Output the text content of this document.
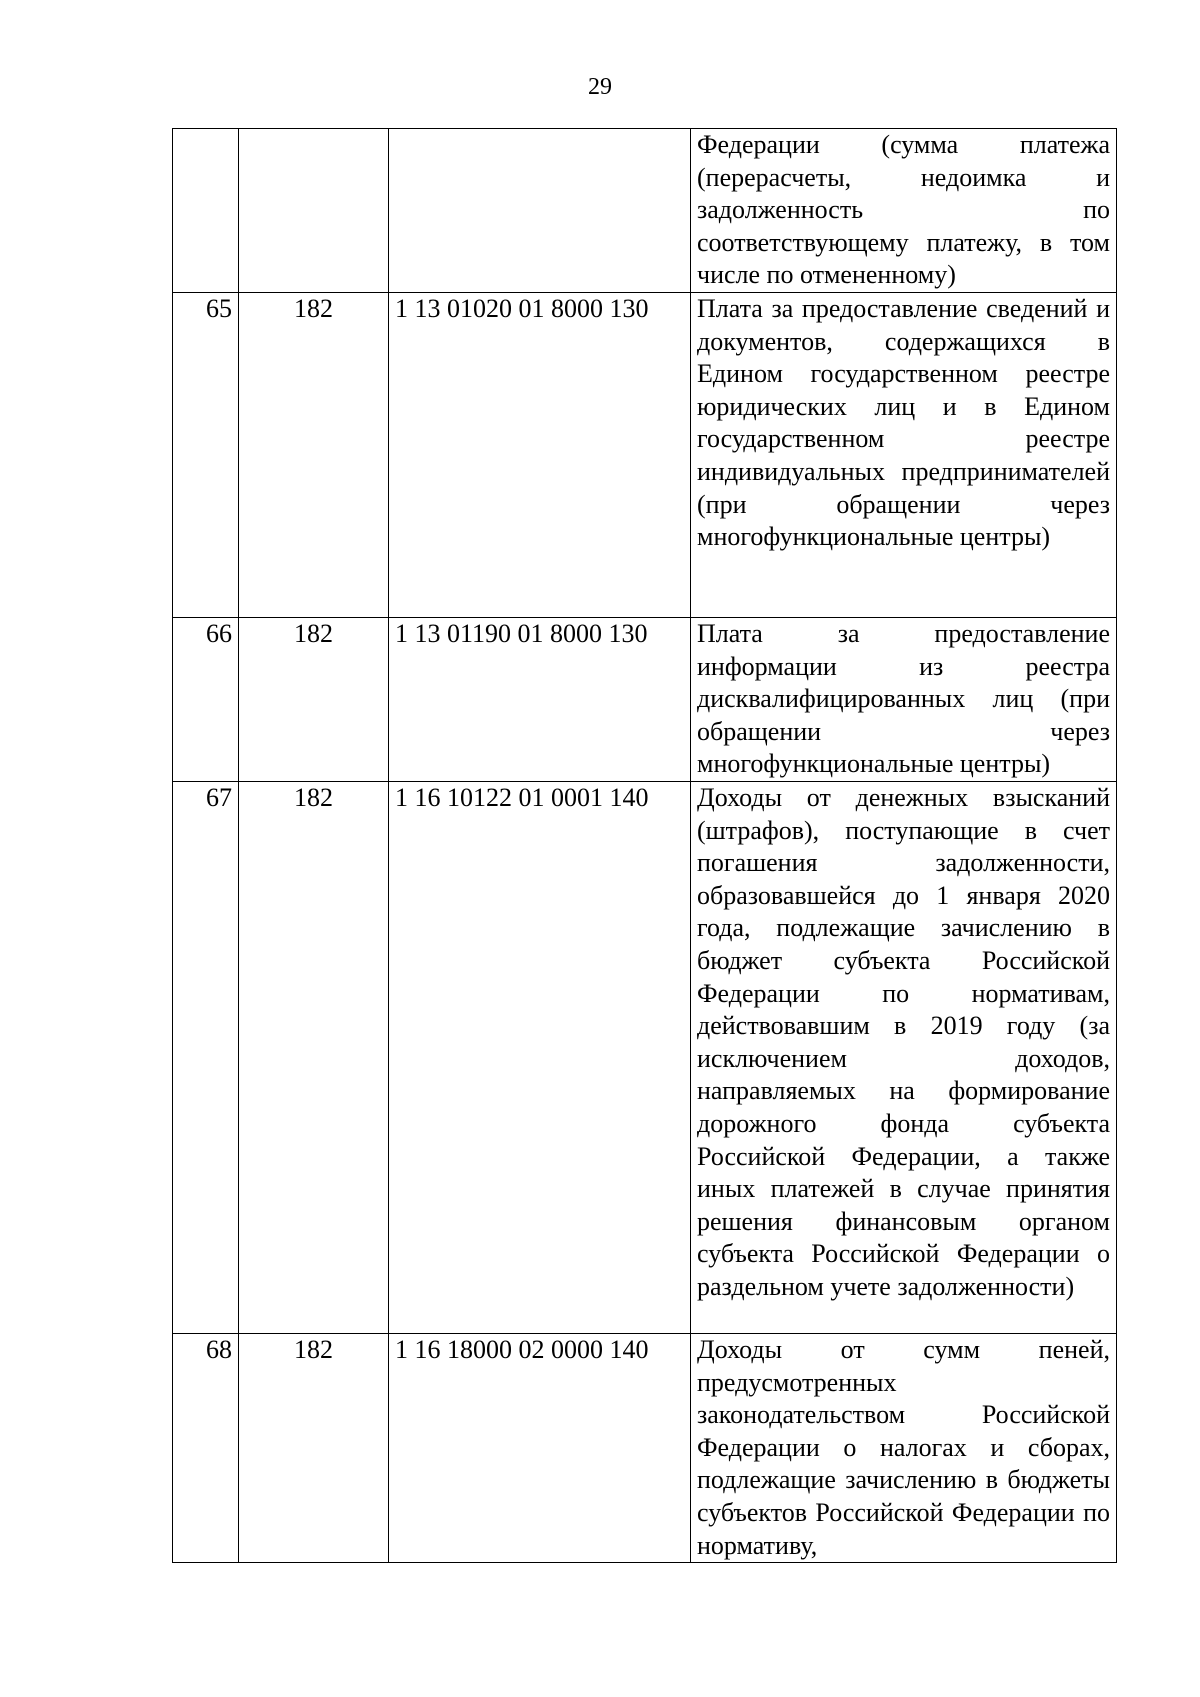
29
			Федерации (сумма платежа (перерасчеты, недоимка и задолженность по соответствующему платежу, в том числе по отмененному)
65	182	1 13 01020 01 8000 130	Плата за предоставление сведений и документов, содержащихся в Едином государственном реестре юридических лиц и в Едином государственном реестре индивидуальных предпринимателей (при обращении через многофункциональные центры)
66	182	1 13 01190 01 8000 130	Плата за предоставление информации из реестра дисквалифицированных лиц (при обращении через многофункциональные центры)
67	182	1 16 10122 01 0001 140	Доходы от денежных взысканий (штрафов), поступающие в счет погашения задолженности, образовавшейся до 1 января 2020 года, подлежащие зачислению в бюджет субъекта Российской Федерации по нормативам, действовавшим в 2019 году (за исключением доходов, направляемых на формирование дорожного фонда субъекта Российской Федерации, а также иных платежей в случае принятия решения финансовым органом субъекта Российской Федерации о раздельном учете задолженности)
68	182	1 16 18000 02 0000 140	Доходы от сумм пеней, предусмотренных законодательством Российской Федерации о налогах и сборах, подлежащие зачислению в бюджеты субъектов Российской Федерации по нормативу,
